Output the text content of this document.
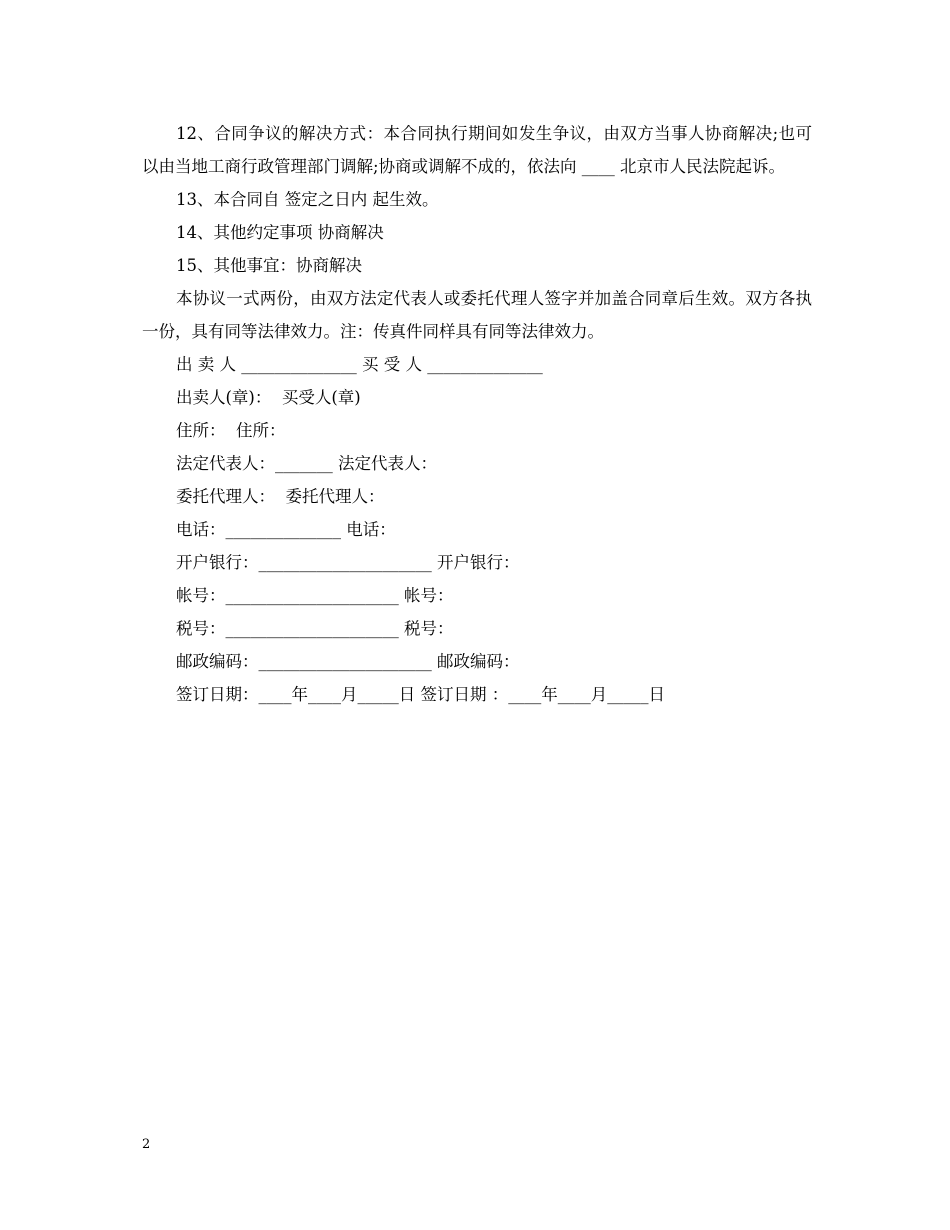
12、合同争议的解决方式：本合同执行期间如发生争议，由双方当事人协商解决;也可以由当地工商行政管理部门调解;协商或调解不成的，依法向 ____ 北京市人民法院起诉。

13、本合同自 签定之日内 起生效。

14、其他约定事项 协商解决

15、其他事宜：协商解决

本协议一式两份，由双方法定代表人或委托代理人签字并加盖合同章后生效。双方各执一份，具有同等法律效力。注：传真件同样具有同等法律效力。

出 卖 人 ______________ 买 受 人 ______________

出卖人(章)：  买受人(章)

住所：  住所：

法定代表人：_______ 法定代表人：

委托代理人：  委托代理人：

电话：______________ 电话：

开户银行：_____________________ 开户银行：

帐号：_____________________ 帐号：

税号：_____________________ 税号：

邮政编码：_____________________ 邮政编码：

签订日期：____年____月_____日 签订日期 ：____年____月_____日

2
